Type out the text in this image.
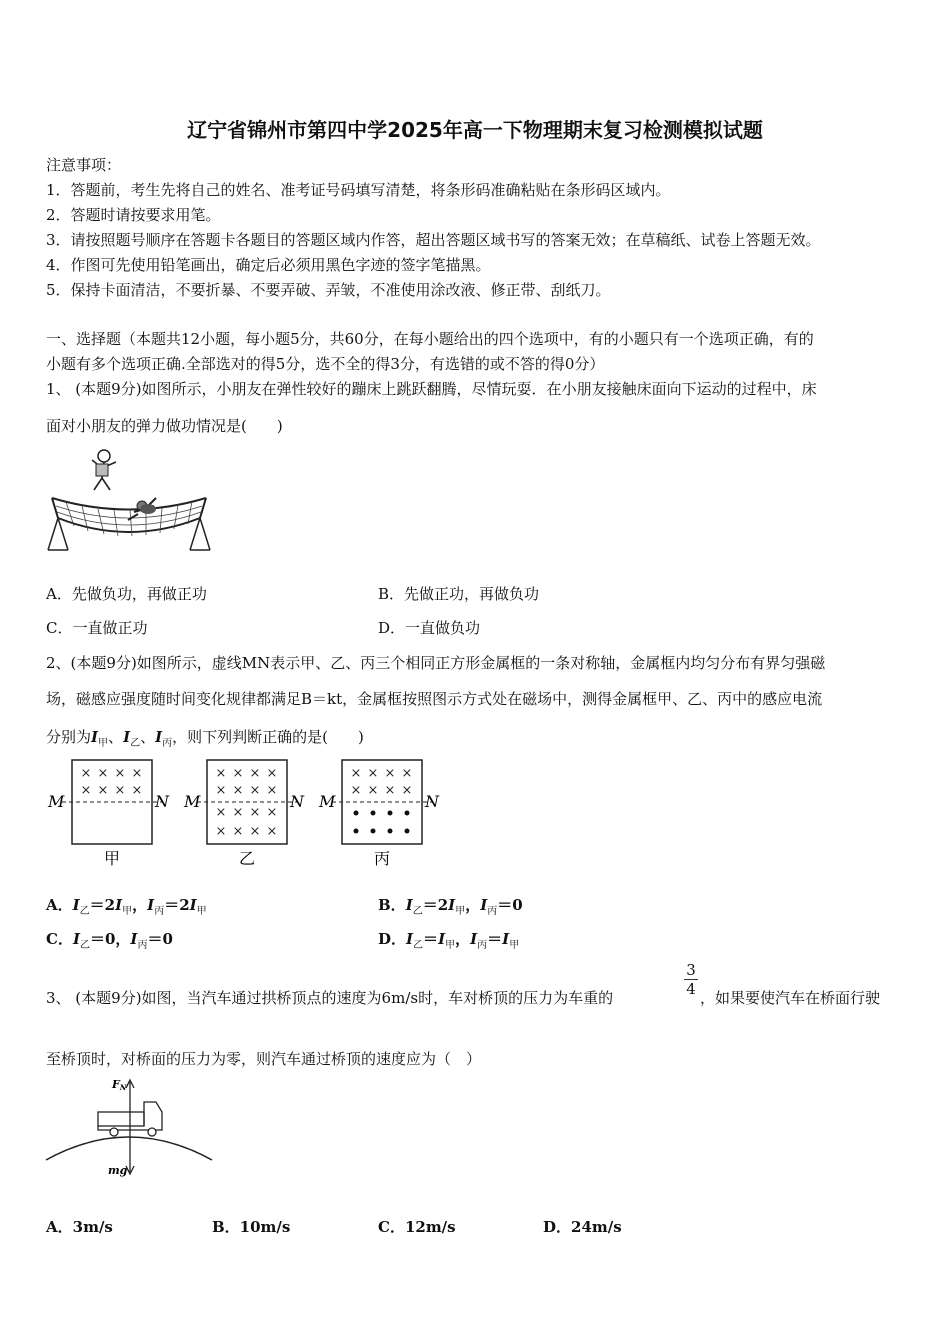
辽宁省锦州市第四中学2025年高一下物理期末复习检测模拟试题
注意事项：
1．答题前，考生先将自己的姓名、准考证号码填写清楚，将条形码准确粘贴在条形码区域内。
2．答题时请按要求用笔。
3．请按照题号顺序在答题卡各题目的答题区域内作答，超出答题区域书写的答案无效；在草稿纸、试卷上答题无效。
4．作图可先使用铅笔画出，确定后必须用黑色字迹的签字笔描黑。
5．保持卡面清洁，不要折暴、不要弄破、弄皱，不准使用涂改液、修正带、刮纸刀。
一、选择题（本题共12小题，每小题5分，共60分，在每小题给出的四个选项中，有的小题只有一个选项正确，有的
小题有多个选项正确.全部选对的得5分，选不全的得3分，有选错的或不答的得0分）
1、 (本题9分)如图所示，小朋友在弹性较好的蹦床上跳跃翻腾，尽情玩耍．在小朋友接触床面向下运动的过程中，床
面对小朋友的弹力做功情况是(　　)
A．先做负功，再做正功	B．先做正功，再做负功
C．一直做正功	D．一直做负功
2、(本题9分)如图所示，虚线MN表示甲、乙、丙三个相同正方形金属框的一条对称轴，金属框内均匀分布有界匀强磁
场，磁感应强度随时间变化规律都满足B＝kt，金属框按照图示方式处在磁场中，测得金属框甲、乙、丙中的感应电流
分别为$I_甲$、$I_乙$、$I_丙$，则下列判断正确的是(　　)
M	N
× × × ×
× × × ×
甲
M	N
× × × ×
× × × ×
× × × ×
× × × ×
乙
M	N
× × × ×
× × × ×
丙
A．$I_乙=2I_甲$，$I_丙=2I_甲$	B．$I_乙=2I_甲$，$I_丙=0$
C．$I_乙=0$，$I_丙=0$	D．$I_乙=I_甲$，$I_丙=I_甲$
3、 (本题9分)如图，当汽车通过拱桥顶点的速度为6m/s时，车对桥顶的压力为车重的
3
4 ，如果要使汽车在桥面行驶
至桥顶时，对桥面的压力为零，则汽车通过桥顶的速度应为（　）
FN
mg
A．3m/s	B．10m/s	C．12m/s	D．24m/s
